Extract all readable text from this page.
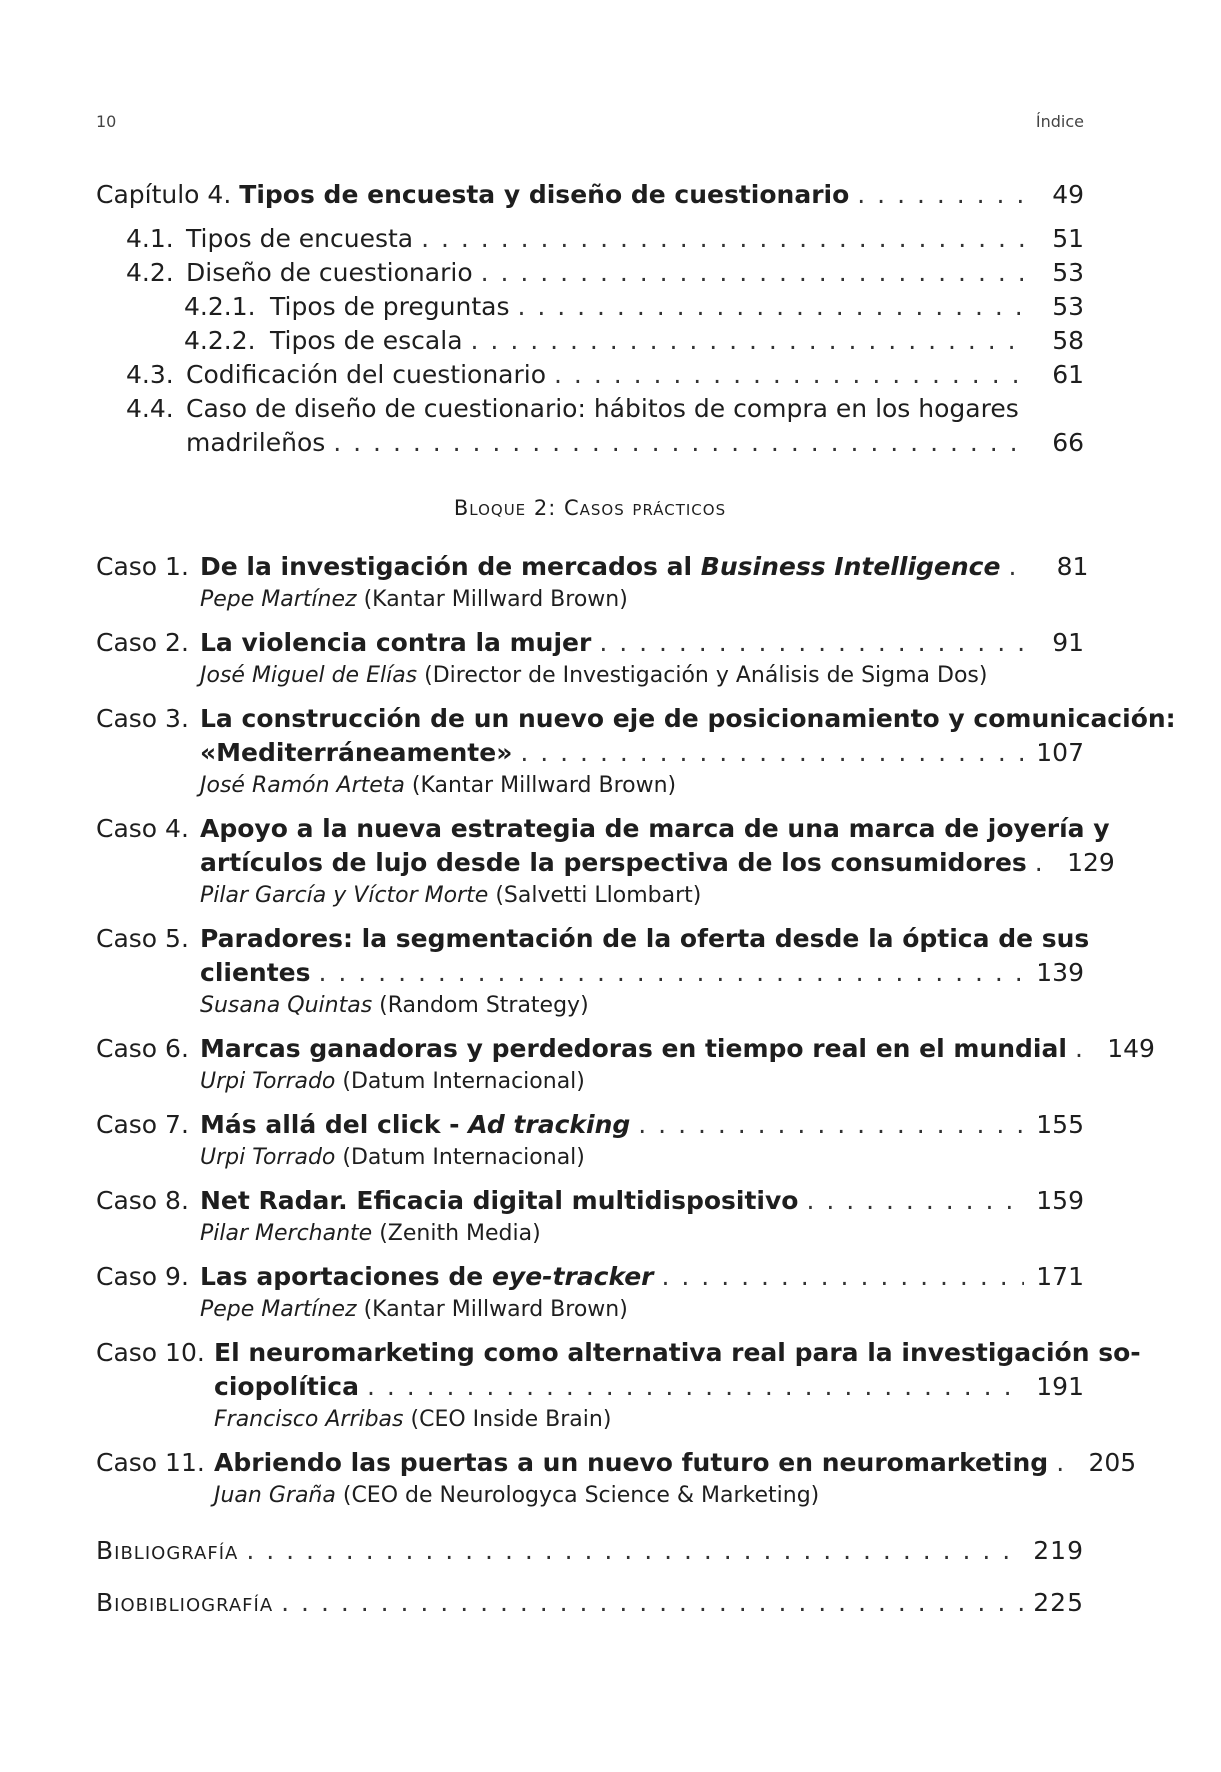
10	Índice
Capítulo 4. Tipos de encuesta y diseño de cuestionario . . .	49
4.1. Tipos de encuesta . . .	51
4.2. Diseño de cuestionario . . .	53
4.2.1. Tipos de preguntas . . .	53
4.2.2. Tipos de escala . . .	58
4.3. Codificación del cuestionario . . .	61
4.4. Caso de diseño de cuestionario: hábitos de compra en los hogares
madrileños . . .	66
Bloque 2: Casos prácticos
Caso 1. De la investigación de mercados al Business Intelligence . . .	81
Pepe Martínez (Kantar Millward Brown)
Caso 2. La violencia contra la mujer . . .	91
José Miguel de Elías (Director de Investigación y Análisis de Sigma Dos)
Caso 3. La construcción de un nuevo eje de posicionamiento y comunicación:
«Mediterráneamente» . . .	107
José Ramón Arteta (Kantar Millward Brown)
Caso 4. Apoyo a la nueva estrategia de marca de una marca de joyería y
artículos de lujo desde la perspectiva de los consumidores . . . 129
Pilar García y Víctor Morte (Salvetti Llombart)
Caso 5. Paradores: la segmentación de la oferta desde la óptica de sus
clientes . . .	139
Susana Quintas (Random Strategy)
Caso 6. Marcas ganadoras y perdedoras en tiempo real en el mundial . . . 149
Urpi Torrado (Datum Internacional)
Caso 7. Más allá del click - Ad tracking . . .	155
Urpi Torrado (Datum Internacional)
Caso 8. Net Radar. Eficacia digital multidispositivo . . .	159
Pilar Merchante (Zenith Media)
Caso 9. Las aportaciones de eye-tracker . . .	171
Pepe Martínez (Kantar Millward Brown)
Caso 10. El neuromarketing como alternativa real para la investigación so-
ciopolítica . . .	191
Francisco Arribas (CEO Inside Brain)
Caso 11. Abriendo las puertas a un nuevo futuro en neuromarketing . . . 205
Juan Graña (CEO de Neurologyca Science & Marketing)
Bibliografía . . .	219
Biobibliografía . . .	225
